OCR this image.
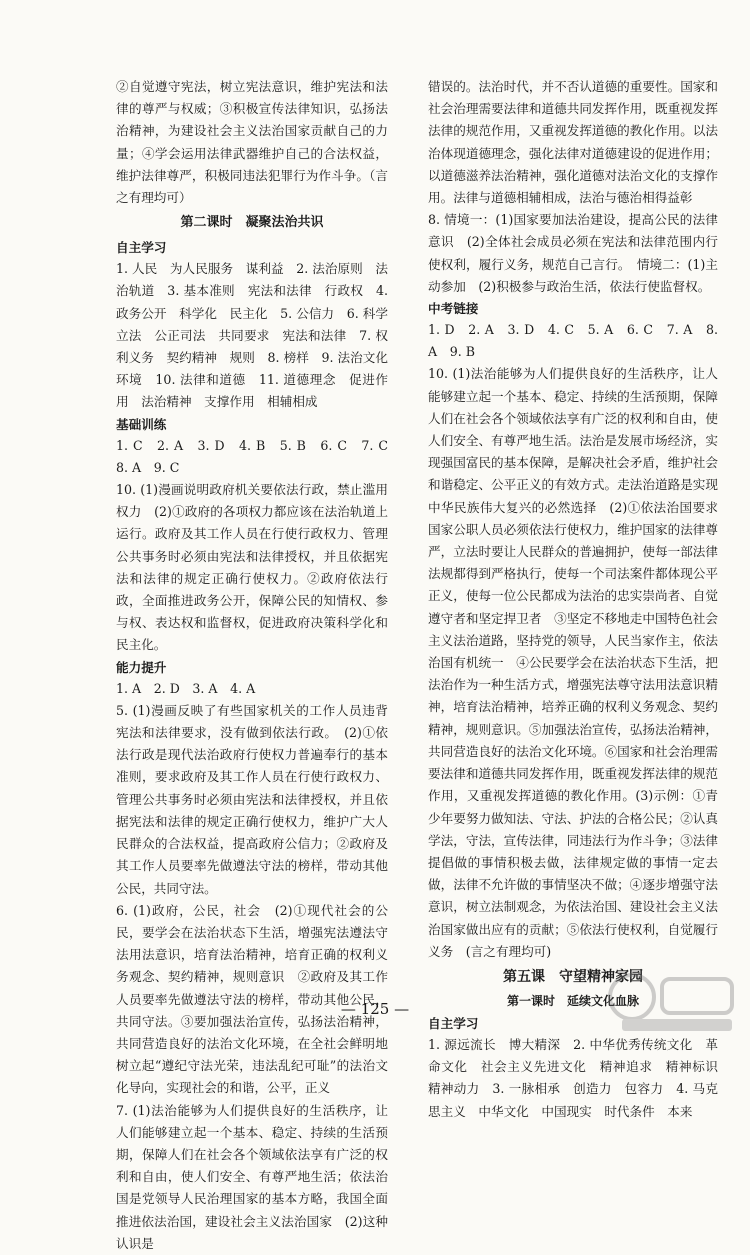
②自觉遵守宪法，树立宪法意识，维护宪法和法律的尊严与权威；③积极宣传法律知识，弘扬法治精神，为建设社会主义法治国家贡献自己的力量；④学会运用法律武器维护自己的合法权益，维护法律尊严，积极同违法犯罪行为作斗争。（言之有理均可）

第二课时　凝聚法治共识
自主学习

1. 人民　为人民服务　谋利益　2. 法治原则　法治轨道　3. 基本准则　宪法和法律　行政权　4. 政务公开　科学化　民主化　5. 公信力　6. 科学立法　公正司法　共同要求　宪法和法律　7. 权利义务　契约精神　规则　8. 榜样　9. 法治文化环境　10. 法律和道德　11. 道德理念　促进作用　法治精神　支撑作用　相辅相成

基础训练

1. C　2. A　3. D　4. B　5. B　6. C　7. C　8. A　9. C

10. (1)漫画说明政府机关要依法行政，禁止滥用权力　(2)①政府的各项权力都应该在法治轨道上运行。政府及其工作人员在行使行政权力、管理公共事务时必须由宪法和法律授权，并且依据宪法和法律的规定正确行使权力。②政府依法行政，全面推进政务公开，保障公民的知情权、参与权、表达权和监督权，促进政府决策科学化和民主化。

能力提升

1. A　2. D　3. A　4. A

5. (1)漫画反映了有些国家机关的工作人员违背宪法和法律要求，没有做到依法行政。　(2)①依法行政是现代法治政府行使权力普遍奉行的基本准则，要求政府及其工作人员在行使行政权力、管理公共事务时必须由宪法和法律授权，并且依据宪法和法律的规定正确行使权力，维护广大人民群众的合法权益，提高政府公信力；②政府及其工作人员要率先做遵法守法的榜样，带动其他公民，共同守法。

6. (1)政府，公民，社会　(2)①现代社会的公民，要学会在法治状态下生活，增强宪法遵法守法用法意识，培育法治精神，培育正确的权利义务观念、契约精神，规则意识　②政府及其工作人员要率先做遵法守法的榜样，带动其他公民，共同守法。③要加强法治宣传，弘扬法治精神，共同营造良好的法治文化环境，在全社会鲜明地树立起“遵纪守法光荣，违法乱纪可耻”的法治文化导向，实现社会的和谐，公平，正义

7. (1)法治能够为人们提供良好的生活秩序，让人们能够建立起一个基本、稳定、持续的生活预期，保障人们在社会各个领域依法享有广泛的权利和自由，使人们安全、有尊严地生活；依法治国是党领导人民治理国家的基本方略，我国全面推进依法治国，建设社会主义法治国家　(2)这种认识是

错误的。法治时代，并不否认道德的重要性。国家和社会治理需要法律和道德共同发挥作用，既重视发挥法律的规范作用，又重视发挥道德的教化作用。以法治体现道德理念，强化法律对道德建设的促进作用；以道德滋养法治精神，强化道德对法治文化的支撑作用。法律与道德相辅相成，法治与德治相得益彰

8. 情境一：(1)国家要加法治建设，提高公民的法律意识　(2)全体社会成员必须在宪法和法律范围内行使权利，履行义务，规范自己言行。　情境二：(1)主动参加　(2)积极参与政治生活，依法行使监督权。

中考链接

1. D　2. A　3. D　4. C　5. A　6. C　7. A　8. A　9. B

10. (1)法治能够为人们提供良好的生活秩序，让人能够建立起一个基本、稳定、持续的生活预期，保障人们在社会各个领域依法享有广泛的权利和自由，使人们安全、有尊严地生活。法治是发展市场经济，实现强国富民的基本保障，是解决社会矛盾，维护社会和谐稳定、公平正义的有效方式。走法治道路是实现中华民族伟大复兴的必然选择　(2)①依法治国要求国家公职人员必须依法行使权力，维护国家的法律尊严，立法时要让人民群众的普遍拥护，使每一部法律法规都得到严格执行，使每一个司法案件都体现公平正义，使每一位公民都成为法治的忠实崇尚者、自觉遵守者和坚定捍卫者　③坚定不移地走中国特色社会主义法治道路，坚持党的领导，人民当家作主，依法治国有机统一　④公民要学会在法治状态下生活，把法治作为一种生活方式，增强宪法尊守法用法意识精神，培育法治精神，培养正确的权利义务观念、契约精神，规则意识。⑤加强法治宣传，弘扬法治精神，共同营造良好的法治文化环境。⑥国家和社会治理需要法律和道德共同发挥作用，既重视发挥法律的规范作用，又重视发挥道德的教化作用。(3)示例：①青少年要努力做知法、守法、护法的合格公民；②认真学法，守法，宣传法律，同违法行为作斗争；③法律提倡做的事情积极去做，法律规定做的事情一定去做，法律不允许做的事情坚决不做；④逐步增强守法意识，树立法制观念，为依法治国、建设社会主义法治国家做出应有的贡献；⑤依法行使权利，自觉履行义务　(言之有理均可)

第五课　守望精神家园
第一课时　延续文化血脉
自主学习

1. 源远流长　博大精深　2. 中华优秀传统文化　革命文化　社会主义先进文化　精神追求　精神标识　精神动力　3. 一脉相承　创造力　包容力　4. 马克思主义　中华文化　中国现实　时代条件　本来

— 125 —
